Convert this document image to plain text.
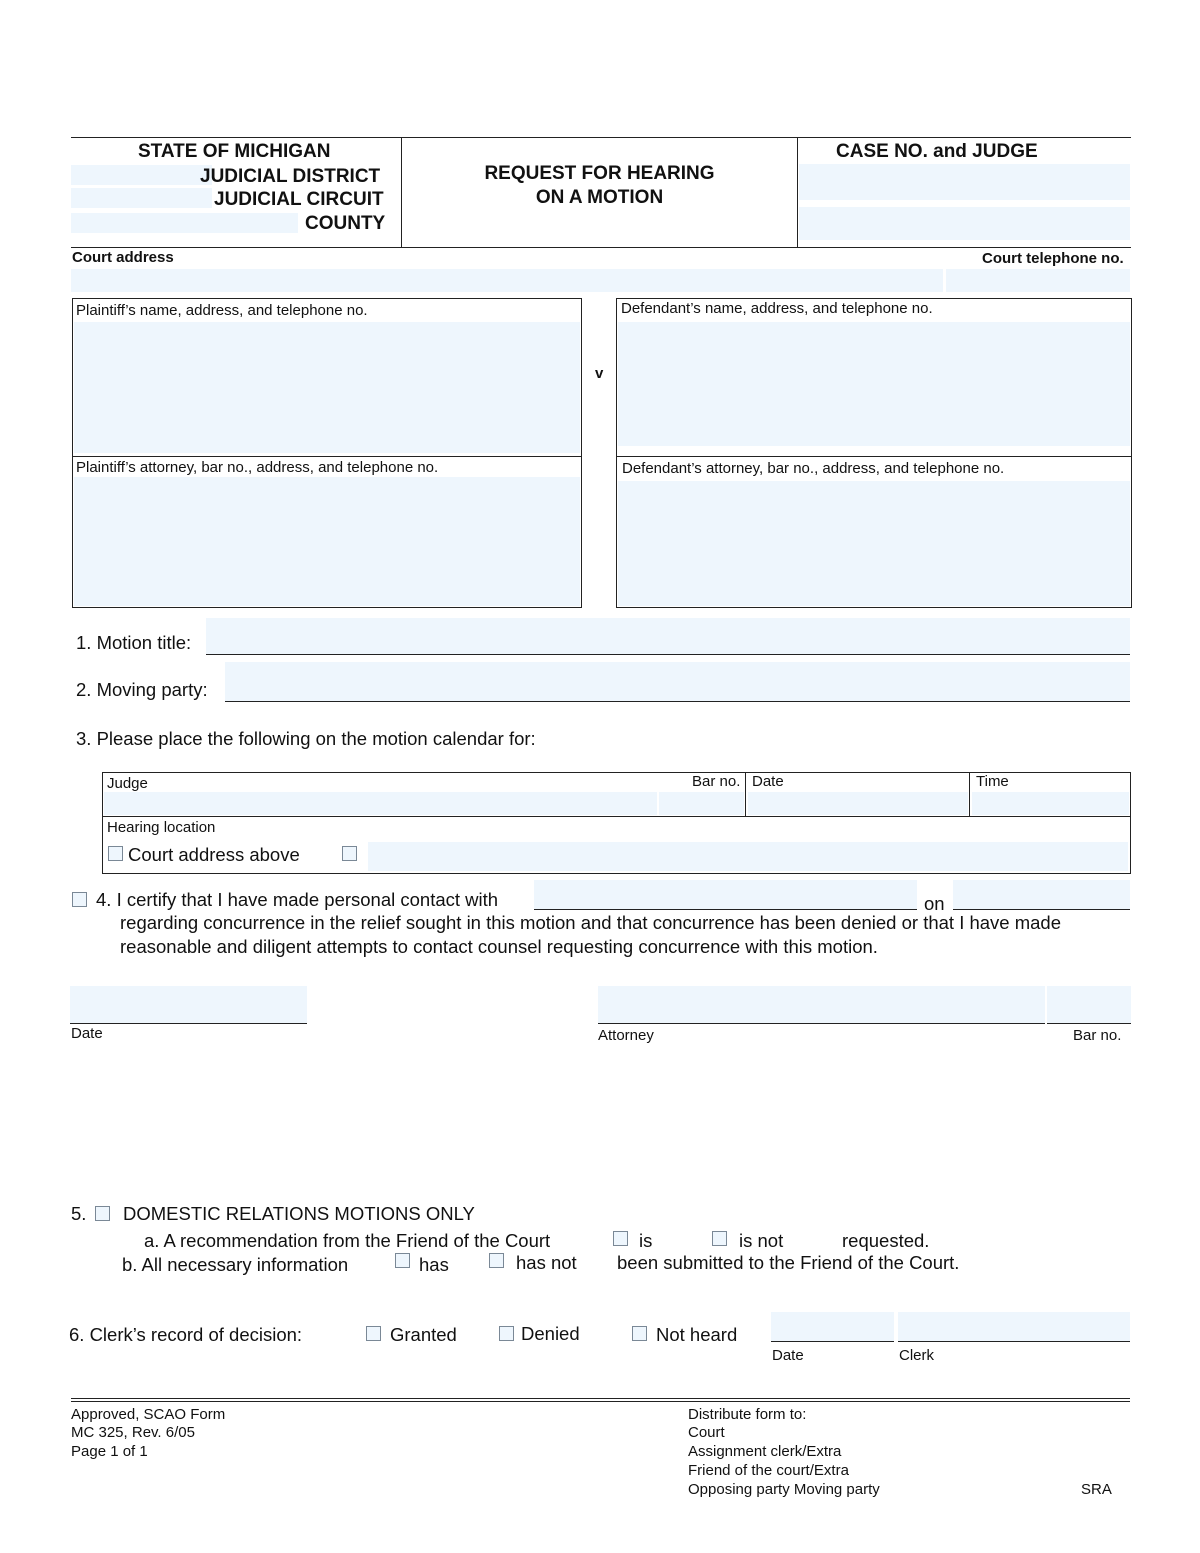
STATE OF MICHIGAN
JUDICIAL DISTRICT
JUDICIAL CIRCUIT
COUNTY
REQUEST FOR HEARING
ON A MOTION
CASE NO. and JUDGE
Court address	Court telephone no.
Plaintiff’s name, address, and telephone no.
Plaintiff’s attorney, bar no., address, and telephone no.
v
Defendant’s name, address, and telephone no.
Defendant’s attorney, bar no., address, and telephone no.
1. Motion title:
2. Moving party:
3. Please place the following on the motion calendar for:
Judge	Bar no. Date	Time
Hearing location
Court address above
4. I certify that I have made personal contact with	on
regarding concurrence in the relief sought in this motion and that concurrence has been denied or that I have made
reasonable and diligent attempts to contact counsel requesting concurrence with this motion.
Date	Attorney	Bar no.
5. DOMESTIC RELATIONS MOTIONS ONLY
a. A recommendation from the Friend of the Court	is	is not	requested.
b. All necessary information	has	has not been submitted to the Friend of the Court.
6. Clerk’s record of decision:	Granted	Denied	Not heard
Date	Clerk
Approved, SCAO Form
MC 325, Rev. 6/05
Page 1 of 1
Distribute form to:
Court
Assignment clerk/Extra
Friend of the court/Extra
Opposing party Moving party	SRA
